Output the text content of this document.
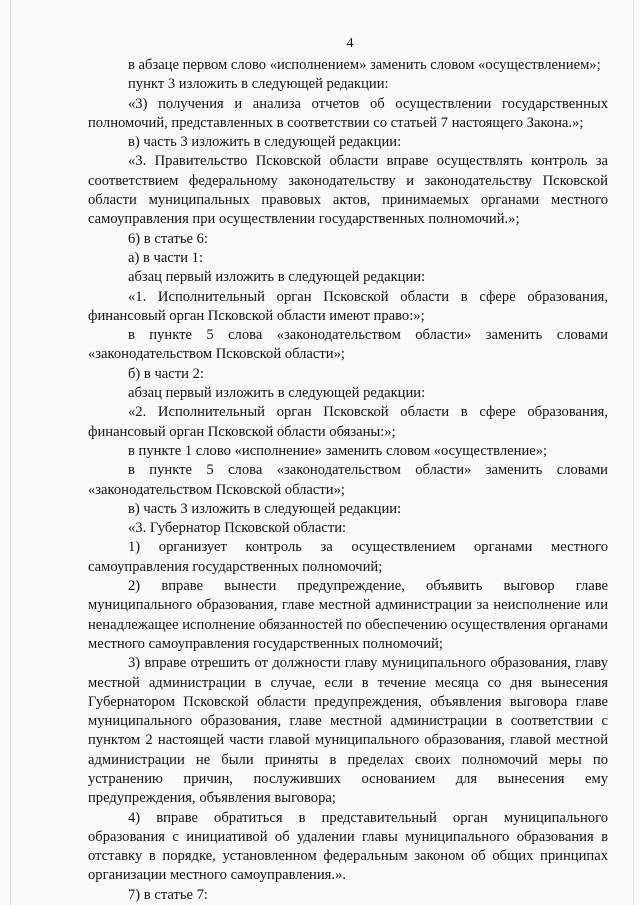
4

в абзаце первом слово «исполнением» заменить словом «осуществлением»;

пункт 3 изложить в следующей редакции:

«3) получения и анализа отчетов об осуществлении государственных полномочий, представленных в соответствии со статьей 7 настоящего Закона.»;

в) часть 3 изложить в следующей редакции:

«3. Правительство Псковской области вправе осуществлять контроль за соответствием федеральному законодательству и законодательству Псковской области муниципальных правовых актов, принимаемых органами местного самоуправления при осуществлении государственных полномочий.»;

6) в статье 6:

а) в части 1:

абзац первый изложить в следующей редакции:

«1. Исполнительный орган Псковской области в сфере образования, финансовый орган Псковской области имеют право:»;

в пункте 5 слова «законодательством области» заменить словами «законодательством Псковской области»;

б) в части 2:

абзац первый изложить в следующей редакции:

«2. Исполнительный орган Псковской области в сфере образования, финансовый орган Псковской области обязаны:»;

в пункте 1 слово «исполнение» заменить словом «осуществление»;

в пункте 5 слова «законодательством области» заменить словами «законодательством Псковской области»;

в) часть 3 изложить в следующей редакции:

«3. Губернатор Псковской области:

1) организует контроль за осуществлением органами местного самоуправления государственных полномочий;

2) вправе вынести предупреждение, объявить выговор главе муниципального образования, главе местной администрации за неисполнение или ненадлежащее исполнение обязанностей по обеспечению осуществления органами местного самоуправления государственных полномочий;

3) вправе отрешить от должности главу муниципального образования, главу местной администрации в случае, если в течение месяца со дня вынесения Губернатором Псковской области предупреждения, объявления выговора главе муниципального образования, главе местной администрации в соответствии с пунктом 2 настоящей части главой муниципального образования, главой местной администрации не были приняты в пределах своих полномочий меры по устранению причин, послуживших основанием для вынесения ему предупреждения, объявления выговора;

4) вправе обратиться в представительный орган муниципального образования с инициативой об удалении главы муниципального образования в отставку в порядке, установленном федеральным законом об общих принципах организации местного самоуправления.».

7) в статье 7:
